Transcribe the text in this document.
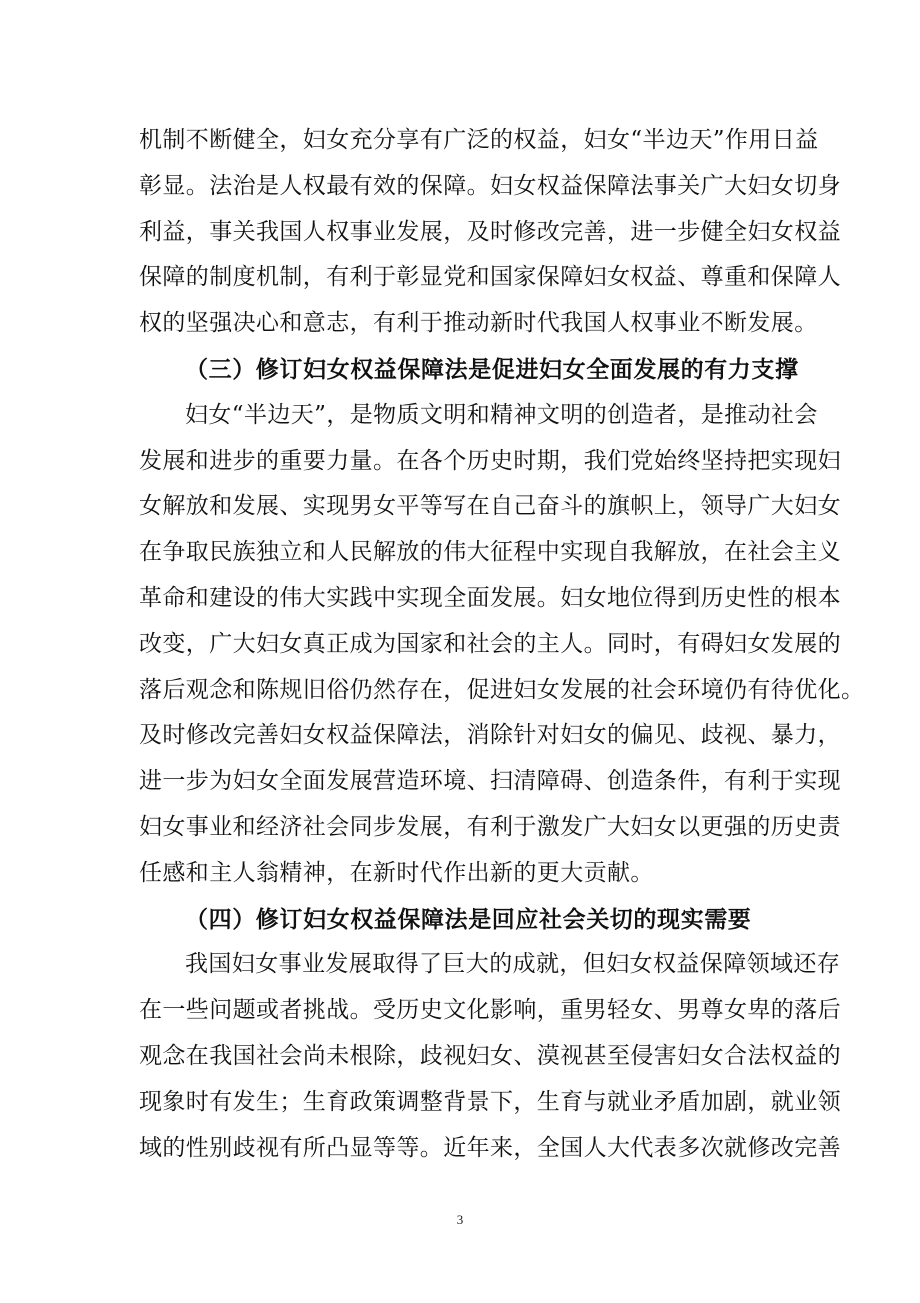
机制不断健全，妇女充分享有广泛的权益，妇女“半边天”作用日益
彰显。法治是人权最有效的保障。妇女权益保障法事关广大妇女切身
利益，事关我国人权事业发展，及时修改完善，进一步健全妇女权益
保障的制度机制，有利于彰显党和国家保障妇女权益、尊重和保障人
权的坚强决心和意志，有利于推动新时代我国人权事业不断发展。
（三）修订妇女权益保障法是促进妇女全面发展的有力支撑
妇女“半边天”，是物质文明和精神文明的创造者，是推动社会
发展和进步的重要力量。在各个历史时期，我们党始终坚持把实现妇
女解放和发展、实现男女平等写在自己奋斗的旗帜上，领导广大妇女
在争取民族独立和人民解放的伟大征程中实现自我解放，在社会主义
革命和建设的伟大实践中实现全面发展。妇女地位得到历史性的根本
改变，广大妇女真正成为国家和社会的主人。同时，有碍妇女发展的
落后观念和陈规旧俗仍然存在，促进妇女发展的社会环境仍有待优化。
及时修改完善妇女权益保障法，消除针对妇女的偏见、歧视、暴力，
进一步为妇女全面发展营造环境、扫清障碍、创造条件，有利于实现
妇女事业和经济社会同步发展，有利于激发广大妇女以更强的历史责
任感和主人翁精神，在新时代作出新的更大贡献。
（四）修订妇女权益保障法是回应社会关切的现实需要
我国妇女事业发展取得了巨大的成就，但妇女权益保障领域还存
在一些问题或者挑战。受历史文化影响，重男轻女、男尊女卑的落后
观念在我国社会尚未根除，歧视妇女、漠视甚至侵害妇女合法权益的
现象时有发生；生育政策调整背景下，生育与就业矛盾加剧，就业领
域的性别歧视有所凸显等等。近年来，全国人大代表多次就修改完善
3
